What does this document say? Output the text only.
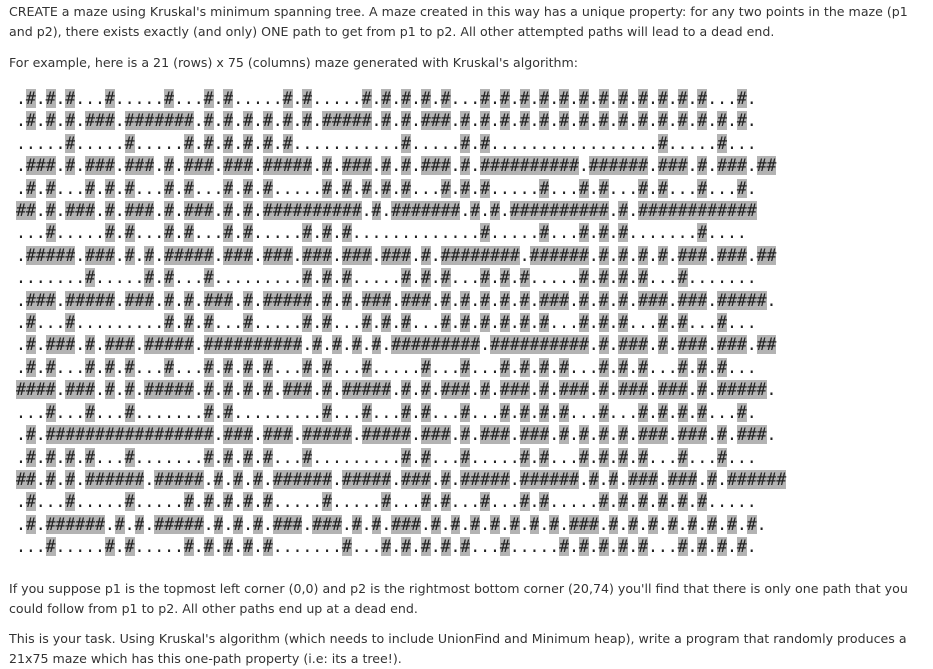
CREATE a maze using Kruskal's minimum spanning tree. A maze created in this way has a unique property: for any two points in the maze (p1 and p2), there exists exactly (and only) ONE path to get from p1 to p2. All other attempted paths will lead to a dead end.

For example, here is a 21 (rows) x 75 (columns) maze generated with Kruskal's algorithm:

.#.#.#...#.....#...#.#.....#.#.....#.#.#.#.#...#.#.#.#.#.#.#.#.#.#.#.#...#.
.#.#.#.###.#######.#.#.#.#.#.#.#####.#.#.###.#.#.#.#.#.#.#.#.#.#.#.#.#.#.#.
.....#.....#.....#.#.#.#.#.#...........#.....#.#.................#.....#...
.###.#.###.###.#.###.###.#####.#.###.#.#.###.#.##########.######.###.#.###.##
.#.#...#.#.#...#.#...#.#.#.....#.#.#.#.#...#.#.#.....#...#.#...#.#...#...#.
##.#.###.#.###.#.###.#.#.##########.#.#######.#.#.##########.#.############
...#.....#.#...#.#...#.#.....#.#.#.............#.....#...#.#.#.......#....
.#####.###.#.#.#####.###.###.###.###.###.#.########.######.#.#.#.#.###.###.##
.......#.....#.#...#.........#.#.#.....#.#.#...#.#.#.....#.#.#.#...#.......
.###.#####.###.#.#.###.#.#####.#.#.###.###.#.#.#.#.#.###.#.#.#.###.###.#####.
.#...#.........#.#.#...#.....#.#...#.#.#...#.#.#.#.#.#...#.#.#...#.#...#...
.#.###.#.###.#####.##########.#.#.#.#.#########.##########.#.###.#.###.###.##
.#.#...#.#.#...#...#.#.#.#...#.#...#.....#...#...#.#.#.#...#.#.#...#.#.#...
####.###.#.#.#####.#.#.#.#.###.#.#####.#.#.###.#.###.#.###.#.###.###.#.#####.
...#...#...#.......#.#.........#...#...#.#...#...#.#.#.#...#...#.#.#.#...#.
.#.#################.###.###.#####.#####.###.#.###.###.#.#.#.#.###.###.#.###.
.#.#.#.#...#.......#.#.#.#...#.........#.#...#.....#.#...#.#.#.#...#...#...
##.#.#.######.#####.#.#.#.######.#####.###.#.#####.######.#.#.###.###.#.######
.#...#.....#.....#.#.#.#.#.....#.....#...#.#...#...#.#.....#.#.#.#.#.#.....
.#.######.#.#.#####.#.#.#.###.###.#.#.###.#.#.#.#.#.#.#.###.#.#.#.#.#.#.#.#.
...#.....#.#.....#.#.#.#.#.......#...#.#.#.#.#...#.....#.#.#.#.#...#.#.#.#.

If you suppose p1 is the topmost left corner (0,0) and p2 is the rightmost bottom corner (20,74) you'll find that there is only one path that you could follow from p1 to p2. All other paths end up at a dead end.

This is your task. Using Kruskal's algorithm (which needs to include UnionFind and Minimum heap), write a program that randomly produces a 21x75 maze which has this one-path property (i.e: its a tree!).
